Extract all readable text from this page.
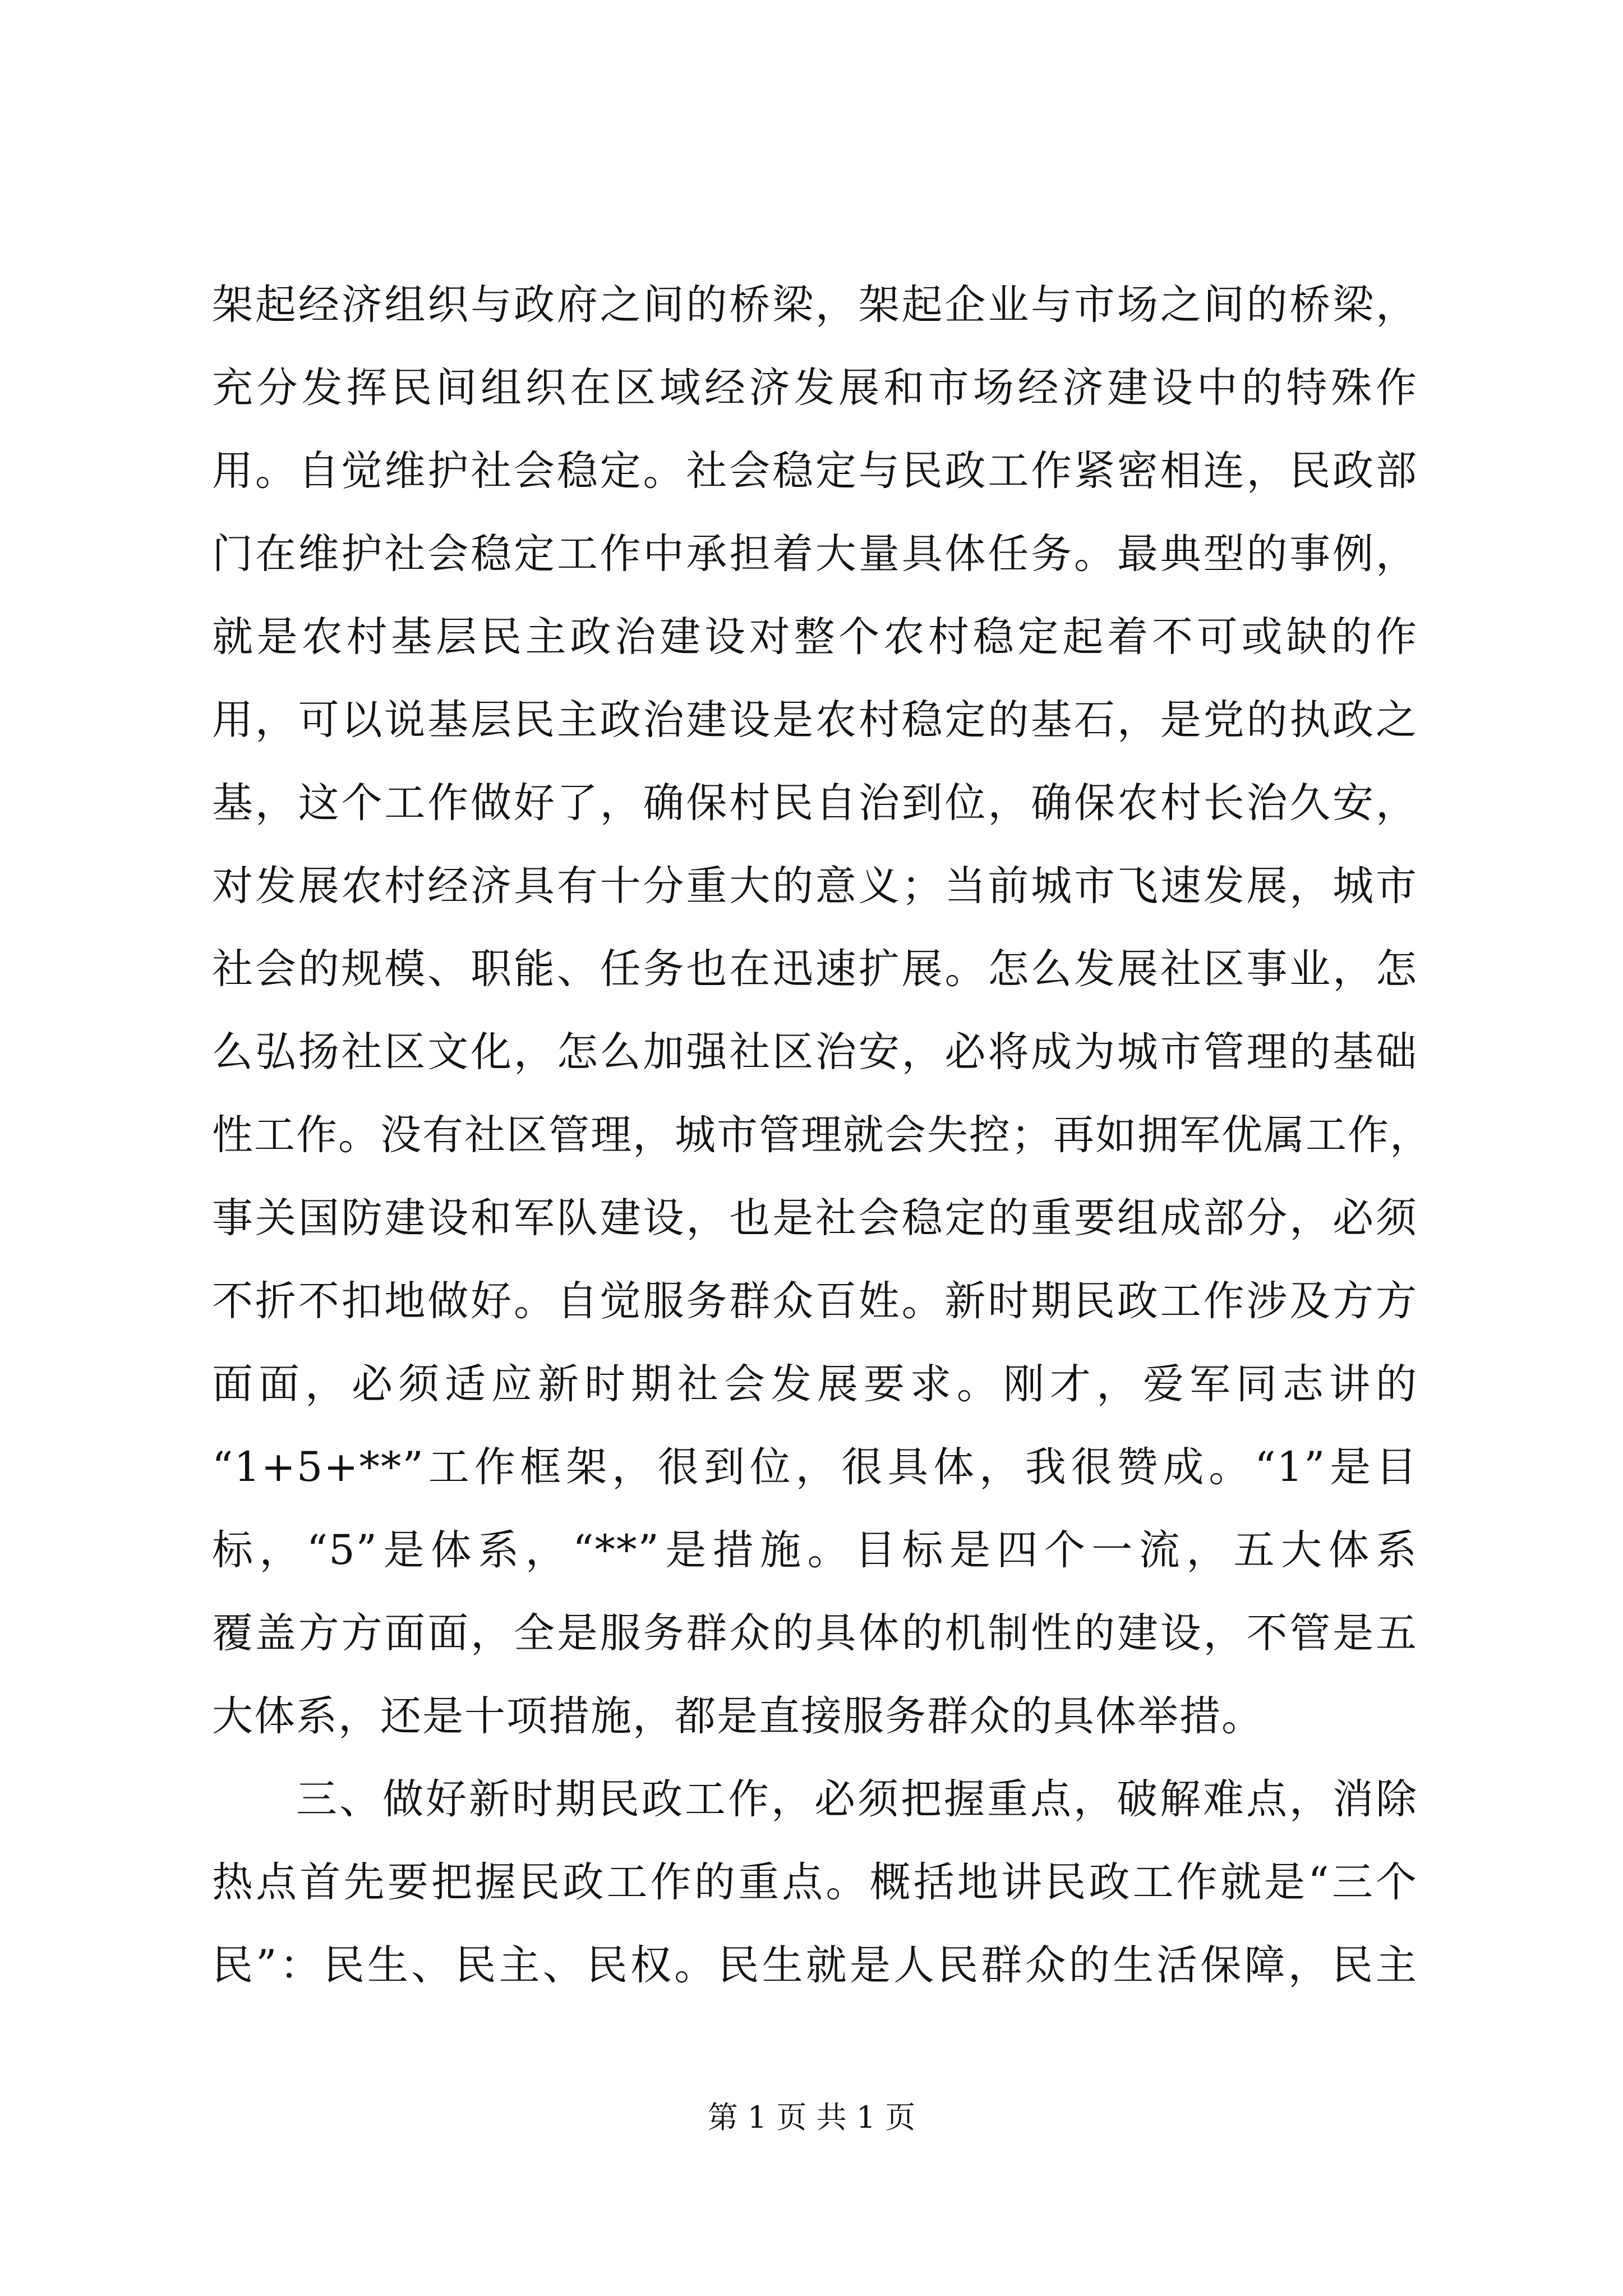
架起经济组织与政府之间的桥梁，架起企业与市场之间的桥梁，
充分发挥民间组织在区域经济发展和市场经济建设中的特殊作
用。自觉维护社会稳定。社会稳定与民政工作紧密相连，民政部
门在维护社会稳定工作中承担着大量具体任务。最典型的事例，
就是农村基层民主政治建设对整个农村稳定起着不可或缺的作
用，可以说基层民主政治建设是农村稳定的基石，是党的执政之
基，这个工作做好了，确保村民自治到位，确保农村长治久安，
对发展农村经济具有十分重大的意义；当前城市飞速发展，城市
社会的规模、职能、任务也在迅速扩展。怎么发展社区事业，怎
么弘扬社区文化，怎么加强社区治安，必将成为城市管理的基础
性工作。没有社区管理，城市管理就会失控；再如拥军优属工作，
事关国防建设和军队建设，也是社会稳定的重要组成部分，必须
不折不扣地做好。自觉服务群众百姓。新时期民政工作涉及方方
面面，必须适应新时期社会发展要求。刚才，爱军同志讲的
“1+5+**”工作框架，很到位，很具体，我很赞成。“1”是目
标，“5”是体系，“**”是措施。目标是四个一流，五大体系
覆盖方方面面，全是服务群众的具体的机制性的建设，不管是五
大体系，还是十项措施，都是直接服务群众的具体举措。
三、做好新时期民政工作，必须把握重点，破解难点，消除
热点首先要把握民政工作的重点。概括地讲民政工作就是“三个
民”：民生、民主、民权。民生就是人民群众的生活保障，民主
第 1 页 共 1 页
